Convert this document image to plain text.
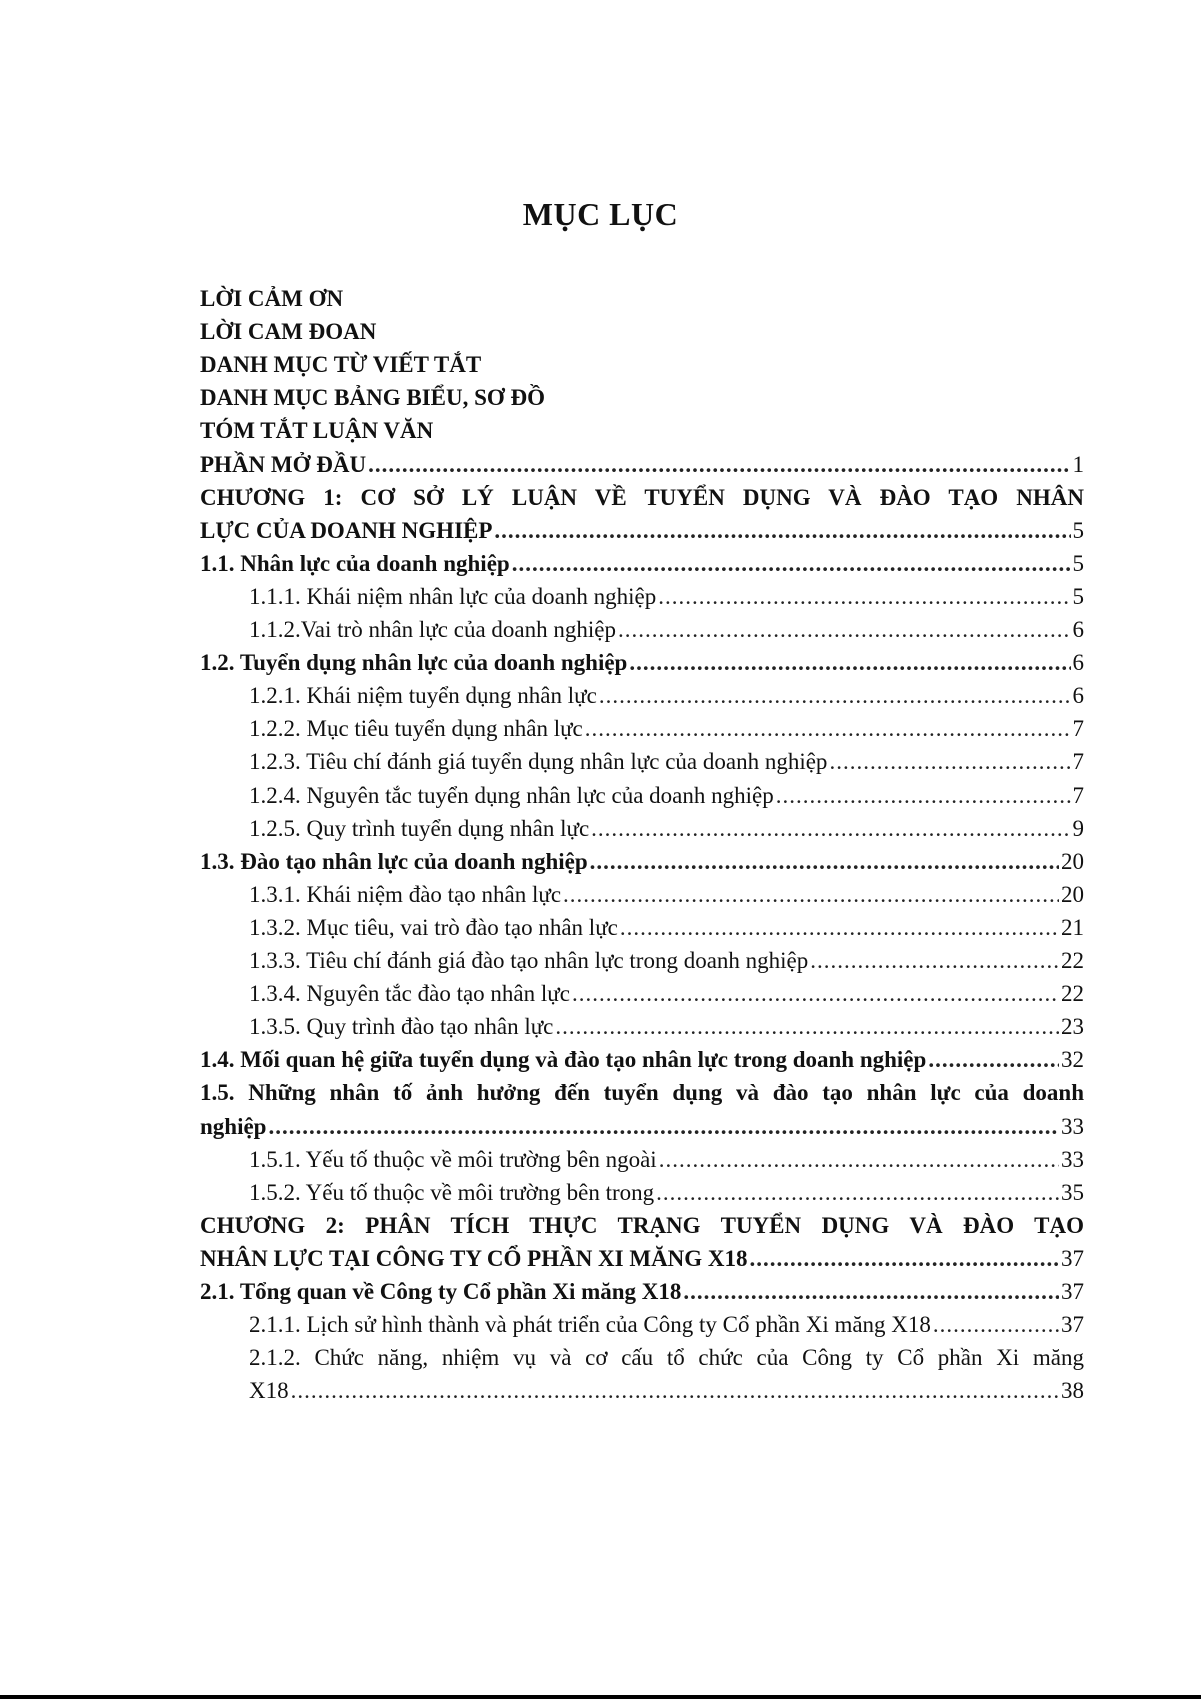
MỤC LỤC
LỜI CẢM ƠN
LỜI CAM ĐOAN
DANH MỤC TỪ VIẾT TẮT
DANH MỤC BẢNG BIỂU, SƠ ĐỒ
TÓM TẮT LUẬN VĂN
PHẦN MỞ ĐẦU .....	1
CHƯƠNG 1: CƠ SỞ LÝ LUẬN VỀ TUYỂN DỤNG VÀ ĐÀO TẠO NHÂN
LỰC CỦA DOANH NGHIỆP .....	5
1.1. Nhân lực của doanh nghiệp .....	5
1.1.1. Khái niệm nhân lực của doanh nghiệp .....	5
1.1.2.Vai trò nhân lực của doanh nghiệp .....	6
1.2. Tuyển dụng nhân lực của doanh nghiệp .....	6
1.2.1. Khái niệm tuyển dụng nhân lực .....	6
1.2.2. Mục tiêu tuyển dụng nhân lực .....	7
1.2.3. Tiêu chí đánh giá tuyển dụng nhân lực của doanh nghiệp .....	7
1.2.4. Nguyên tắc tuyển dụng nhân lực của doanh nghiệp .....	7
1.2.5. Quy trình tuyển dụng nhân lực .....	9
1.3. Đào tạo nhân lực của doanh nghiệp .....	20
1.3.1. Khái niệm đào tạo nhân lực .....	20
1.3.2. Mục tiêu, vai trò đào tạo nhân lực .....	21
1.3.3. Tiêu chí đánh giá đào tạo nhân lực trong doanh nghiệp .....	22
1.3.4. Nguyên tắc đào tạo nhân lực .....	22
1.3.5. Quy trình đào tạo nhân lực .....	23
1.4. Mối quan hệ giữa tuyển dụng và đào tạo nhân lực trong doanh nghiệp .....	32
1.5. Những nhân tố ảnh hưởng đến tuyển dụng và đào tạo nhân lực của doanh
nghiệp .....	33
1.5.1. Yếu tố thuộc về môi trường bên ngoài .....	33
1.5.2. Yếu tố thuộc về môi trường bên trong .....	35
CHƯƠNG 2: PHÂN TÍCH THỰC TRẠNG TUYỂN DỤNG VÀ ĐÀO TẠO
NHÂN LỰC TẠI CÔNG TY CỔ PHẦN XI MĂNG X18 .....	37
2.1. Tổng quan về Công ty Cổ phần Xi măng X18 .....	37
2.1.1. Lịch sử hình thành và phát triển của Công ty Cổ phần Xi măng X18 .....	37
2.1.2. Chức năng, nhiệm vụ và cơ cấu tổ chức của Công ty Cổ phần Xi măng
X18 .....	38
